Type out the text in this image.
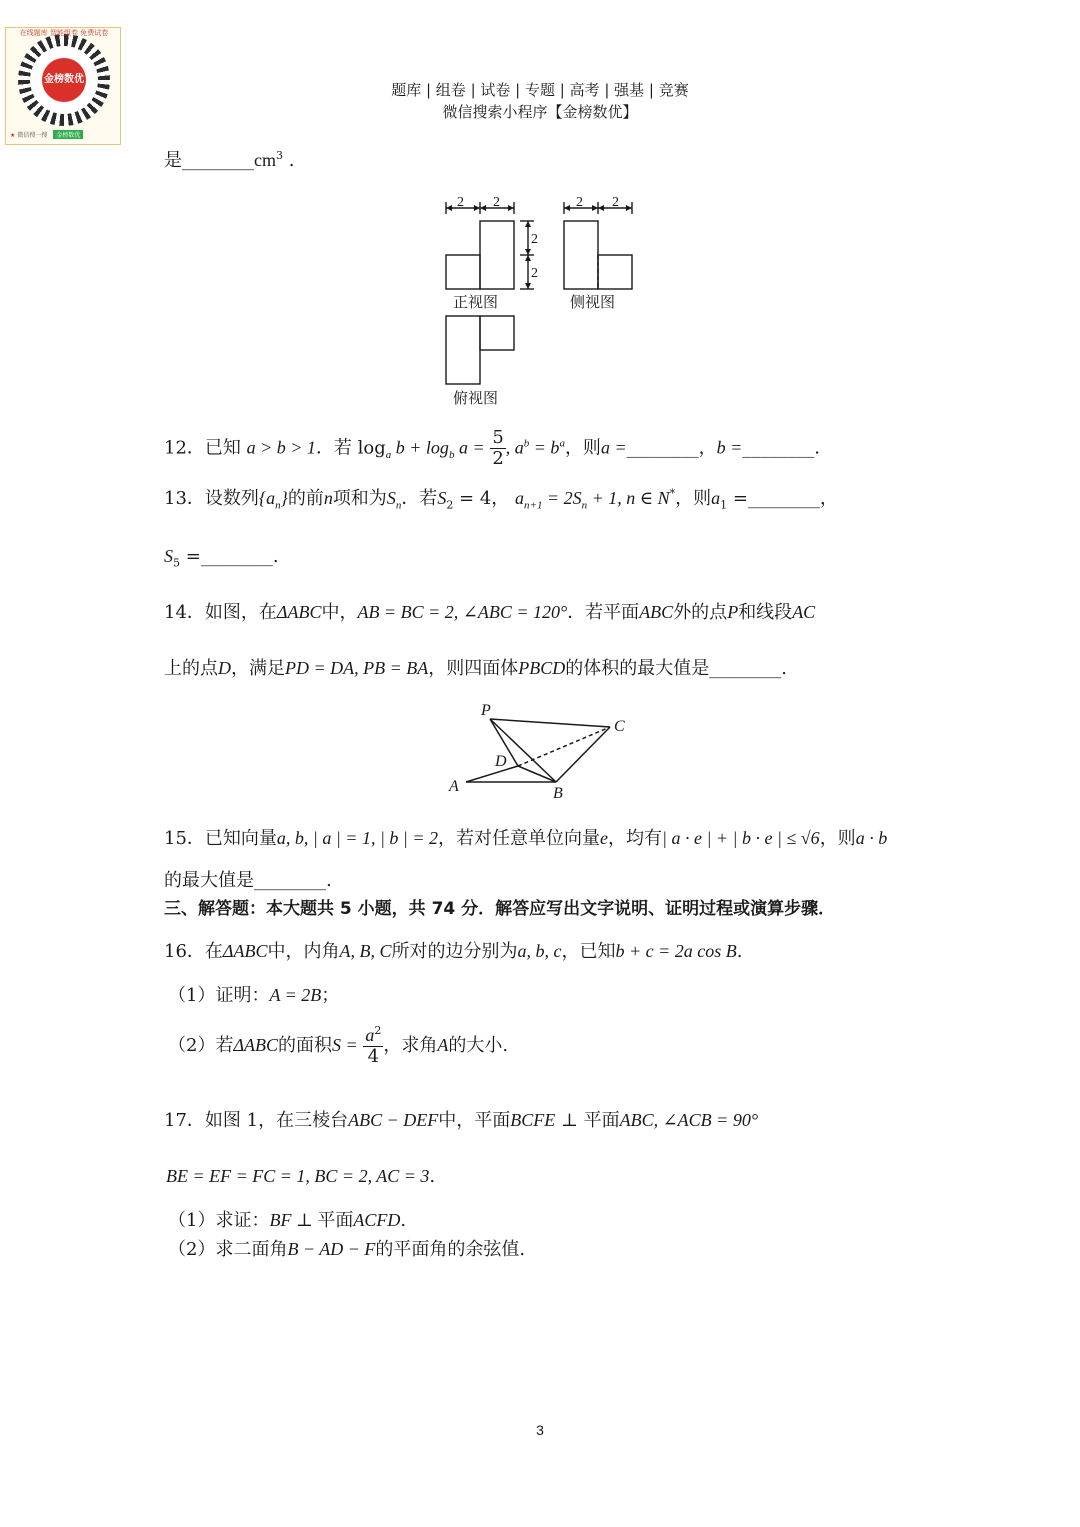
金榜数优
在线题库 智能组卷 免费试卷
★ 微信搜一搜 金榜数优
题库 | 组卷 | 试卷 | 专题 | 高考 | 强基 | 竞赛
微信搜索小程序【金榜数优】
是$\_\_\_\_\_\_\_\_cm^3$ .
2 2
2
2
2 2
正视图	侧视图
俯视图
12．已知 a > b > 1．若 $\log_a b + \log_b a = \frac{5}{2}$ , $a^b = b^a$，则a =________，b =________.
13．设数列$\{a_n\}$的前n项和为$S_n$．若$S_2 = 4$， $a_{n+1} = 2S_n + 1$, n ∈ N*，则$a_1$ =________，
$S_5$ =________.
14．如图，在ΔABC中，AB = BC = 2, ∠ABC = 120°．若平面ABC外的点P和线段AC
上的点D，满足PD = DA, PB = BA，则四面体PBCD的体积的最大值是________.
P
C
D
A	B
15．已知向量a, b, | a | = 1, | b | = 2，若对任意单位向量e，均有| a · e | + | b · e | ≤ √6，则a · b
的最大值是________.
三、解答题：本大题共 5 小题，共 74 分．解答应写出文字说明、证明过程或演算步骤．
16．在ΔABC中，内角A, B, C所对的边分别为a, b, c，已知b + c = 2a cos B.
（1）证明：A = 2B；
（2）若ΔABC的面积$S = \frac{a^2}{4}$ ，求角A的大小.
17．如图 1，在三棱台ABC − DEF中，平面BCFE ⊥ 平面ABC, ∠ACB = 90°
BE = EF = FC = 1, BC = 2, AC = 3.
（1）求证：BF ⊥ 平面ACFD.
（2）求二面角B − AD − F的平面角的余弦值.
3
